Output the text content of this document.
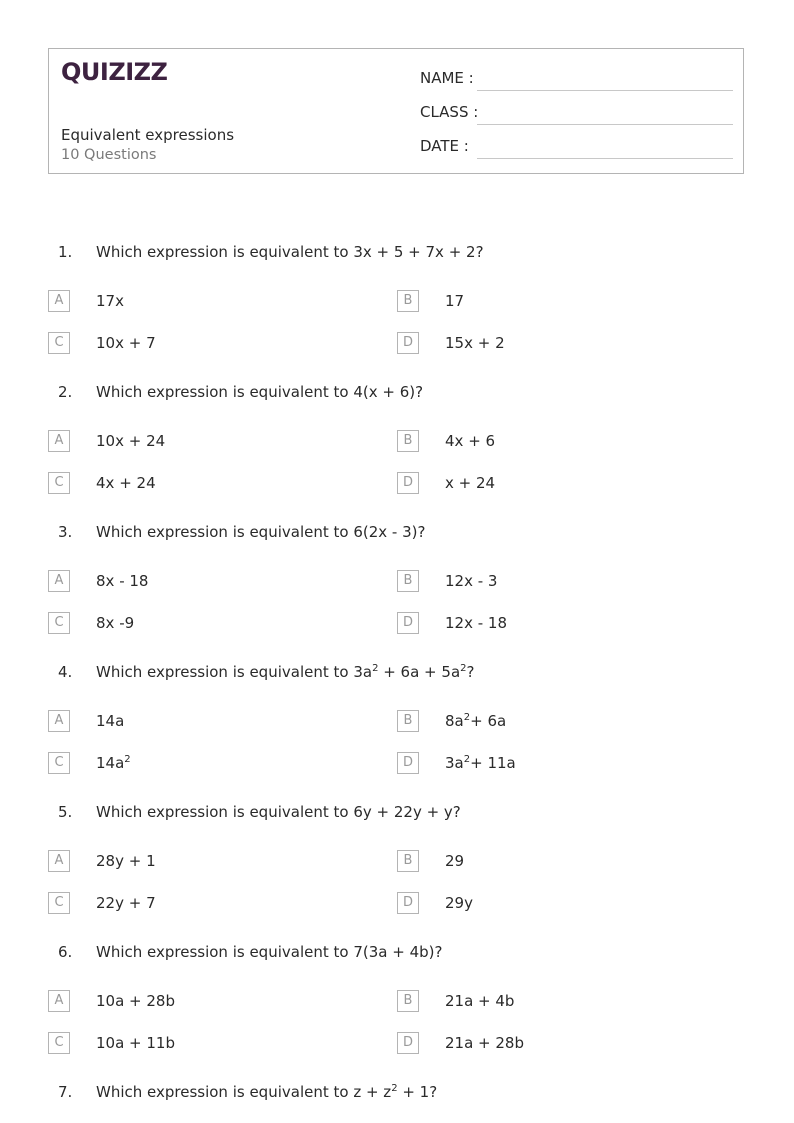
QUIZIZZ
Equivalent expressions
10 Questions
NAME :
CLASS :
DATE :
1. Which expression is equivalent to 3x + 5 + 7x + 2?
A	17x	B	17
C	10x + 7	D	15x + 2
2. Which expression is equivalent to 4(x + 6)?
A	10x + 24	B	4x + 6
C	4x + 24	D	x + 24
3. Which expression is equivalent to 6(2x - 3)?
A	8x - 18	B	12x - 3
C	8x -9	D	12x - 18
4. Which expression is equivalent to $3a^2 + 6a + 5a^2$?
A	14a	B	$8a^2+ 6a$
C	$14a^2$	D	$3a^2+ 11a$
5. Which expression is equivalent to 6y + 22y + y?
A	28y + 1	B	29
C	22y + 7	D	29y
6. Which expression is equivalent to 7(3a + 4b)?
A	10a + 28b	B	21a + 4b
C	10a + 11b	D	21a + 28b
7. Which expression is equivalent to $z + z^2 + 1$?
